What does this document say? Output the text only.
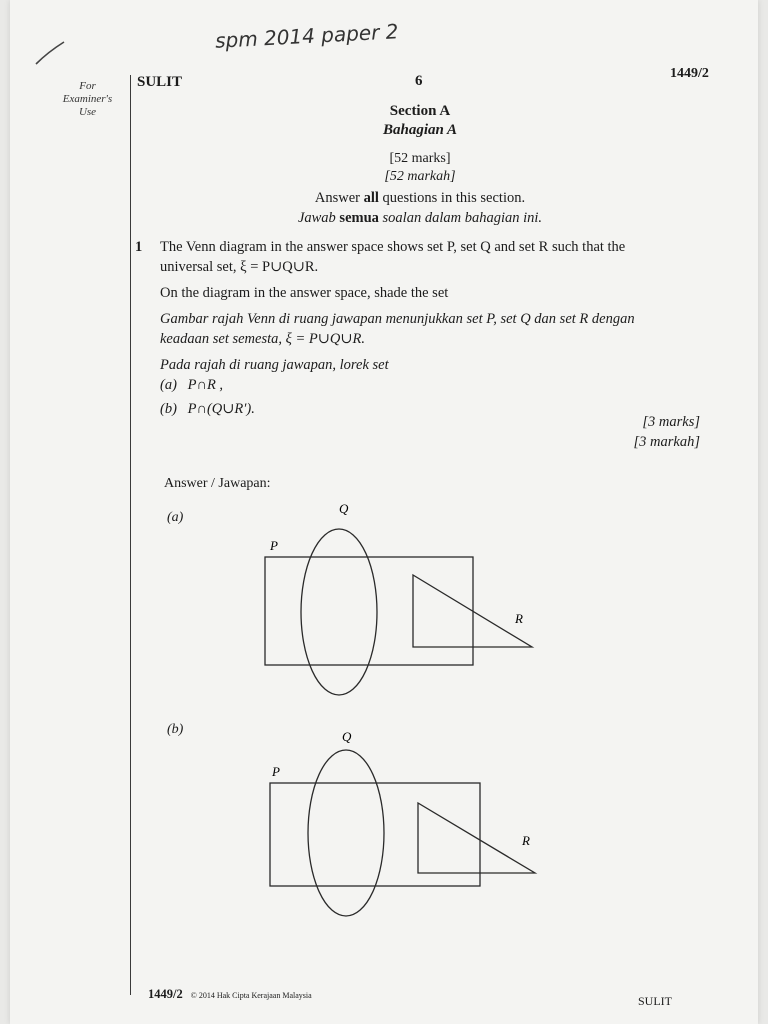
spm 2014 paper 2
For
Examiner's
Use
SULIT	6	1449/2
Section A
Bahagian A
[52 marks]
[52 markah]
Answer all questions in this section.
Jawab semua soalan dalam bahagian ini.
1 The Venn diagram in the answer space shows set P, set Q and set R such that the
universal set, ξ = P∪Q∪R.
On the diagram in the answer space, shade the set
Gambar rajah Venn di ruang jawapan menunjukkan set P, set Q dan set R dengan
keadaan set semesta, ξ = P∪Q∪R.
Pada rajah di ruang jawapan, lorek set
(a) P∩R ,
(b) P∩(Q∪R′).
[3 marks]
[3 markah]
Answer / Jawapan:
(a)
P
Q
R
(b)
P
Q
R
1449/2 © 2014 Hak Cipta Kerajaan Malaysia	SULIT
